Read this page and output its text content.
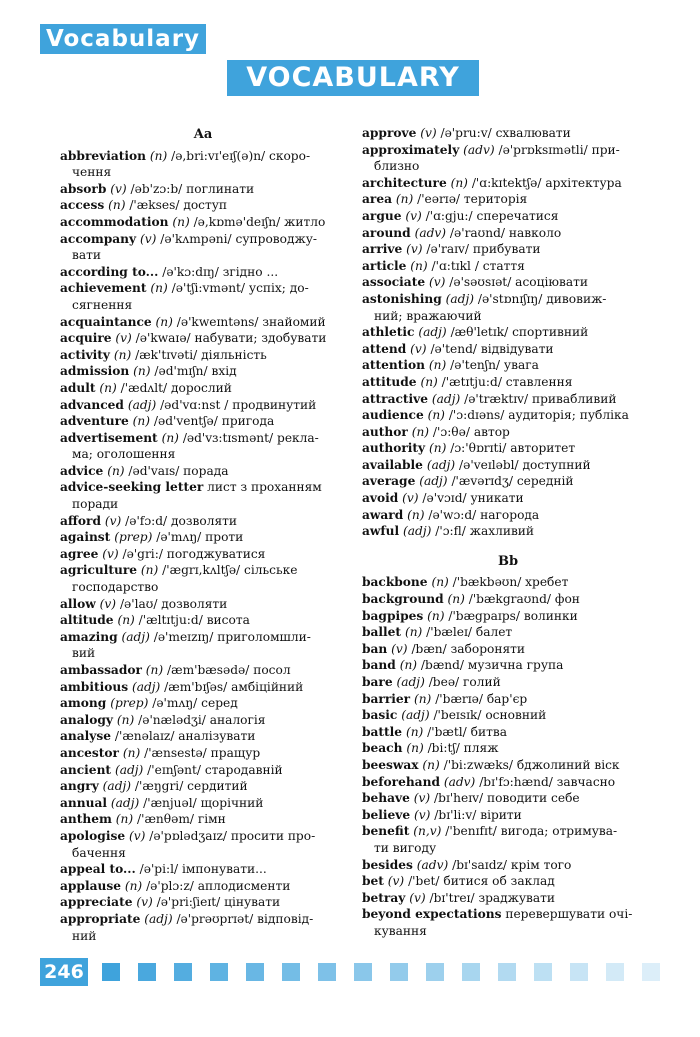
Vocabulary
VOCABULARY
Aa
abbreviation (n) /ə,bri:vɪ'eɪʃ(ə)n/ скоро-
чення
absorb (v) /əb'zɔ:b/ поглинати
access (n) /'ækses/ доступ
accommodation (n) /ə,kɒmə'deɪʃn/ житло
accompany (v) /ə'kʌmpəni/ супроводжу-
вати
according to... /ə'kɔ:dɪŋ/ згідно ...
achievement (n) /ə'tʃi:vmənt/ успіх; до-
сягнення
acquaintance (n) /ə'kweɪntəns/ знайомий
acquire (v) /ə'kwaɪə/ набувати; здобувати
activity (n) /æk'tɪvəti/ діяльність
admission (n) /əd'mɪʃn/ вхід
adult (n) /'ædʌlt/ дорослий
advanced (adj) /əd'vɑ:nst / продвинутий
adventure (n) /əd'ventʃə/ пригода
advertisement (n) /əd'vɜ:tɪsmənt/ рекла-
ма; оголошення
advice (n) /əd'vaɪs/ порада
advice-seeking letter лист з проханням
поради
afford (v) /ə'fɔ:d/ дозволяти
against (prep) /ə'mʌŋ/ проти
agree (v) /ə'gri:/ погоджуватися
agriculture (n) /'ægrɪ,kʌltʃə/ сільське
господарство
allow (v) /ə'laʊ/ дозволяти
altitude (n) /'æltɪtju:d/ висота
amazing (adj) /ə'meɪzɪŋ/ приголомшли-
вий
ambassador (n) /æm'bæsədə/ посол
ambitious (adj) /æm'bɪʃəs/ амбіційний
among (prep) /ə'mʌŋ/ серед
analogy (n) /ə'nælədʒi/ аналогія
analyse /'ænəlaɪz/ аналізувати
ancestor (n) /'ænsestə/ пращур
ancient (adj) /'eɪnʃənt/ стародавній
angry (adj) /'æŋgri/ сердитий
annual (adj) /'ænjuəl/ щорічний
anthem (n) /'ænθəm/ гімн
apologise (v) /ə'pɒlədʒaɪz/ просити про-
бачення
appeal to... /ə'pi:l/ імпонувати...
applause (n) /ə'plɔ:z/ аплодисменти
appreciate (v) /ə'pri:ʃieɪt/ цінувати
appropriate (adj) /ə'prəʊprɪət/ відповід-
ний
approve (v) /ə'pru:v/ схвалювати
approximately (adv) /ə'prɒksɪmətli/ при-
близно
architecture (n) /'ɑ:kɪtektʃə/ архітектура
area (n) /'eərɪə/ територія
argue (v) /'ɑ:gju:/ сперечатися
around (adv) /ə'raʊnd/ навколо
arrive (v) /ə'raɪv/ прибувати
article (n) /'ɑ:tɪkl / стаття
associate (v) /ə'səʊsɪət/ асоціювати
astonishing (adj) /ə'stɒnɪʃɪŋ/ дивовиж-
ний; вражаючий
athletic (adj) /æθ'letɪk/ спортивний
attend (v) /ə'tend/ відвідувати
attention (n) /ə'tenʃn/ увага
attitude (n) /'ætɪtju:d/ ставлення
attractive (adj) /ə'træktɪv/ привабливий
audience (n) /'ɔ:dɪəns/ аудиторія; публіка
author (n) /'ɔ:θə/ автор
authority (n) /ɔ:'θɒrɪti/ авторитет
available (adj) /ə'veɪləbl/ доступний
average (adj) /'ævərɪdʒ/ середній
avoid (v) /ə'vɔɪd/ уникати
award (n) /ə'wɔ:d/ нагорода
awful (adj) /'ɔ:fl/ жахливий
Bb
backbone (n) /'bækbəʊn/ хребет
background (n) /'bækgraʊnd/ фон
bagpipes (n) /'bægpaɪps/ волинки
ballet (n) /'bæleɪ/ балет
ban (v) /bæn/ забороняти
band (n) /bænd/ музична група
bare (adj) /beə/ голий
barrier (n) /'bærɪə/ бар'єр
basic (adj) /'beɪsɪk/ основний
battle (n) /'bætl/ битва
beach (n) /bi:tʃ/ пляж
beeswax (n) /'bi:zwæks/ бджолиний віск
beforehand (adv) /bɪ'fɔ:hænd/ завчасно
behave (v) /bɪ'heɪv/ поводити себе
believe (v) /bɪ'li:v/ вірити
benefit (n,v) /'benɪfɪt/ вигода; отримува-
ти вигоду
besides (adv) /bɪ'saɪdz/ крім того
bet (v) /'bet/ битися об заклад
betray (v) /bɪ'treɪ/ зраджувати
beyond expectations перевершувати очі-
кування
246
